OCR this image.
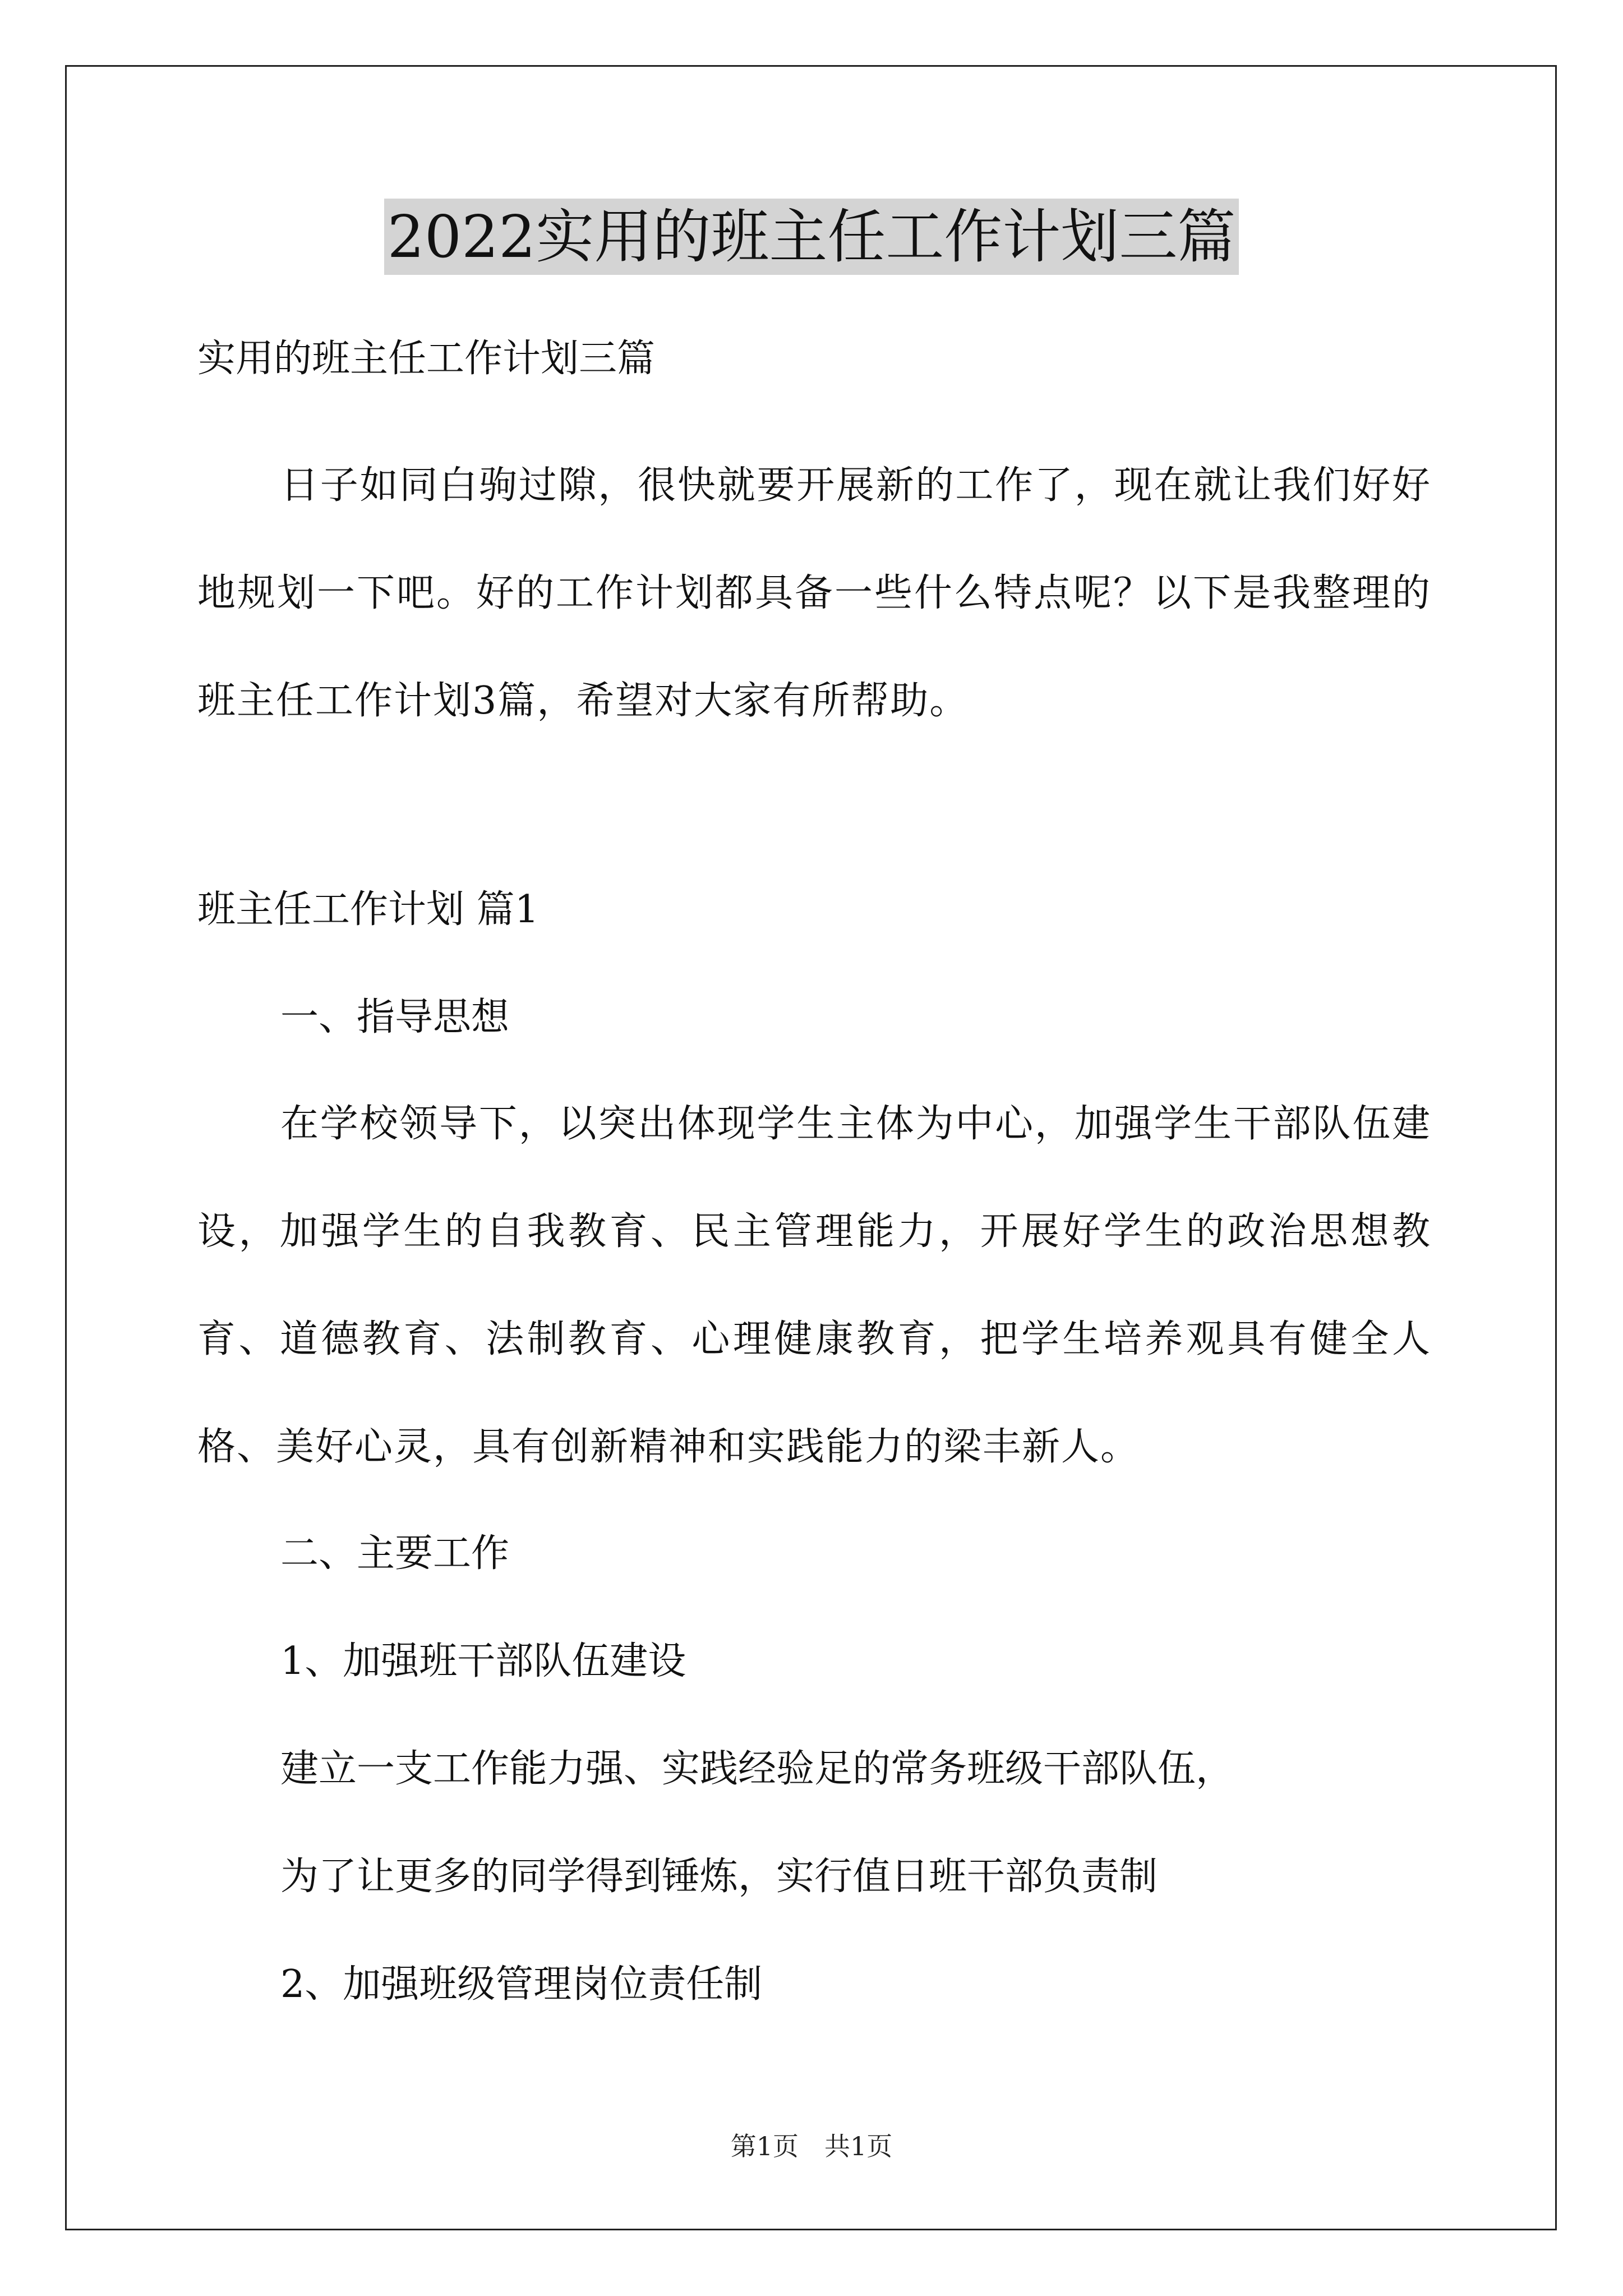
2022实用的班主任工作计划三篇
实用的班主任工作计划三篇
日子如同白驹过隙，很快就要开展新的工作了，现在就让我们好好地规划一下吧。好的工作计划都具备一些什么特点呢？以下是我整理的班主任工作计划3篇，希望对大家有所帮助。
班主任工作计划 篇1
一、指导思想
在学校领导下，以突出体现学生主体为中心，加强学生干部队伍建设，加强学生的自我教育、民主管理能力，开展好学生的政治思想教育、道德教育、法制教育、心理健康教育，把学生培养观具有健全人格、美好心灵，具有创新精神和实践能力的梁丰新人。
二、主要工作
1、加强班干部队伍建设
建立一支工作能力强、实践经验足的常务班级干部队伍，
为了让更多的同学得到锤炼，实行值日班干部负责制
2、加强班级管理岗位责任制
第1页　共1页
